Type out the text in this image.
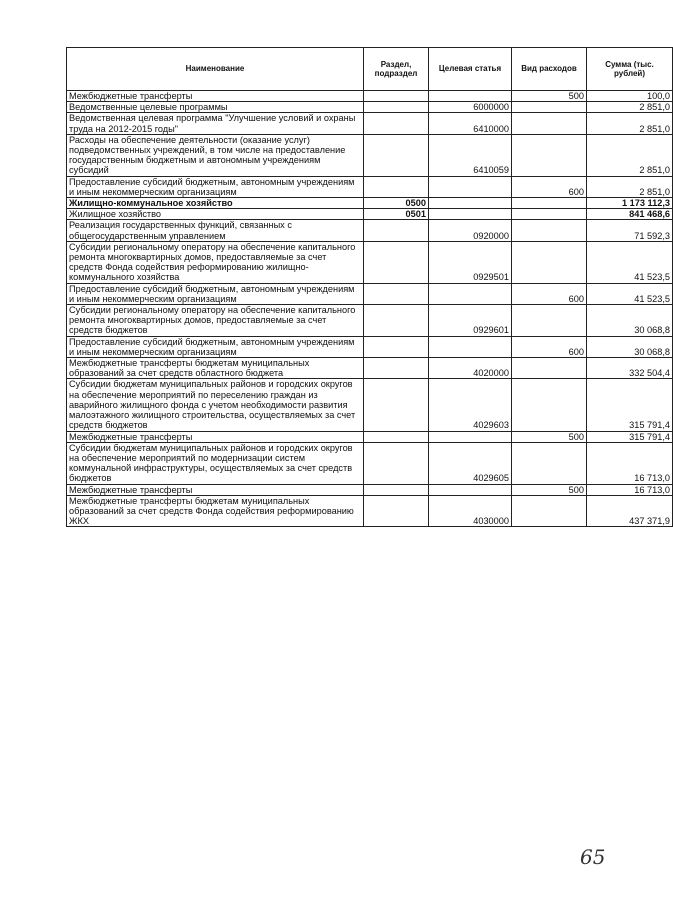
Наименование	Раздел, подраздел	Целевая статья	Вид расходов	Сумма (тыс. рублей)
Межбюджетные трансферты			500	100,0
Ведомственные целевые программы		6000000		2 851,0
Ведомственная целевая программа "Улучшение условий и охраны труда на 2012-2015 годы"		6410000		2 851,0
Расходы на обеспечение деятельности (оказание услуг) подведомственных учреждений, в том числе на предоставление государственным бюджетным и автономным учреждениям субсидий		6410059		2 851,0
Предоставление субсидий бюджетным, автономным учреждениям и иным некоммерческим организациям			600	2 851,0
Жилищно-коммунальное хозяйство	0500			1 173 112,3
Жилищное хозяйство	0501			841 468,6
Реализация государственных функций, связанных с общегосударственным управлением		0920000		71 592,3
Субсидии региональному оператору на обеспечение капитального ремонта многоквартирных домов, предоставляемые за счет средств Фонда содействия реформированию жилищно-коммунального хозяйства		0929501		41 523,5
Предоставление субсидий бюджетным, автономным учреждениям и иным некоммерческим организациям			600	41 523,5
Субсидии региональному оператору на обеспечение капитального ремонта многоквартирных домов, предоставляемые за счет средств бюджетов		0929601		30 068,8
Предоставление субсидий бюджетным, автономным учреждениям и иным некоммерческим организациям			600	30 068,8
Межбюджетные трансферты бюджетам муниципальных образований за счет средств областного бюджета		4020000		332 504,4
Субсидии бюджетам муниципальных районов и городских округов на обеспечение мероприятий по переселению граждан из аварийного жилищного фонда с учетом необходимости развития малоэтажного жилищного строительства, осуществляемых за счет средств бюджетов		4029603		315 791,4
Межбюджетные трансферты			500	315 791,4
Субсидии бюджетам муниципальных районов и городских округов на обеспечение мероприятий по модернизации систем коммунальной инфраструктуры, осуществляемых за счет средств бюджетов		4029605		16 713,0
Межбюджетные трансферты			500	16 713,0
Межбюджетные трансферты бюджетам муниципальных образований за счет средств Фонда содействия реформированию ЖКХ		4030000		437 371,9
65
